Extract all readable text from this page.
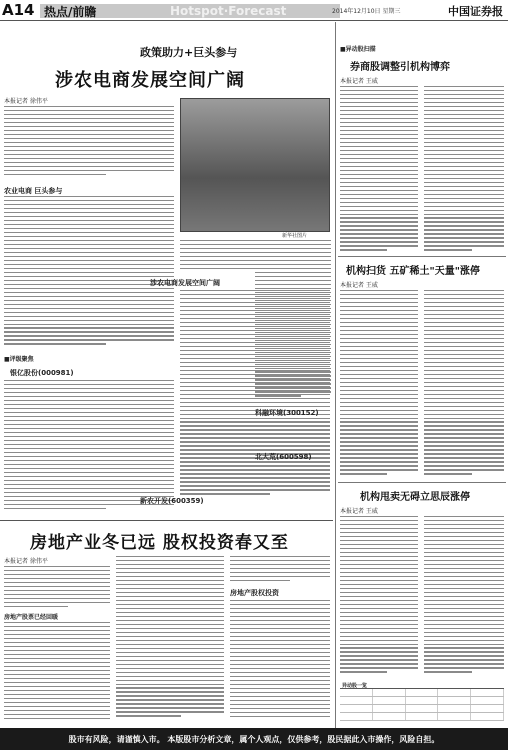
A14 热点/前瞻	Hotspot·Forecast	2014年12月10日 星期三	中国证券报
政策助力+巨头参与
涉农电商发展空间广阔
本报记者 徐伟平
农业电商 巨头参与
新华社图片
涉农电商发展空间广阔
■评级聚焦
银亿股份(000981)
新农开发(600359)
科融环境(300152)
北大荒(600598)
房地产业冬已远 股权投资春又至
本报记者 徐伟平
房地产股票已经回暖
房地产股权投资
■异动股扫描
券商股调整引机构博弈
本报记者 王威
机构扫货 五矿稀土"天量"涨停
本报记者 王威
机构甩卖无碍立思辰涨停
本报记者 王威
异动股一览
股市有风险，请谨慎入市。 本版股市分析文章，属个人观点，仅供参考，股民据此入市操作，风险自担。
